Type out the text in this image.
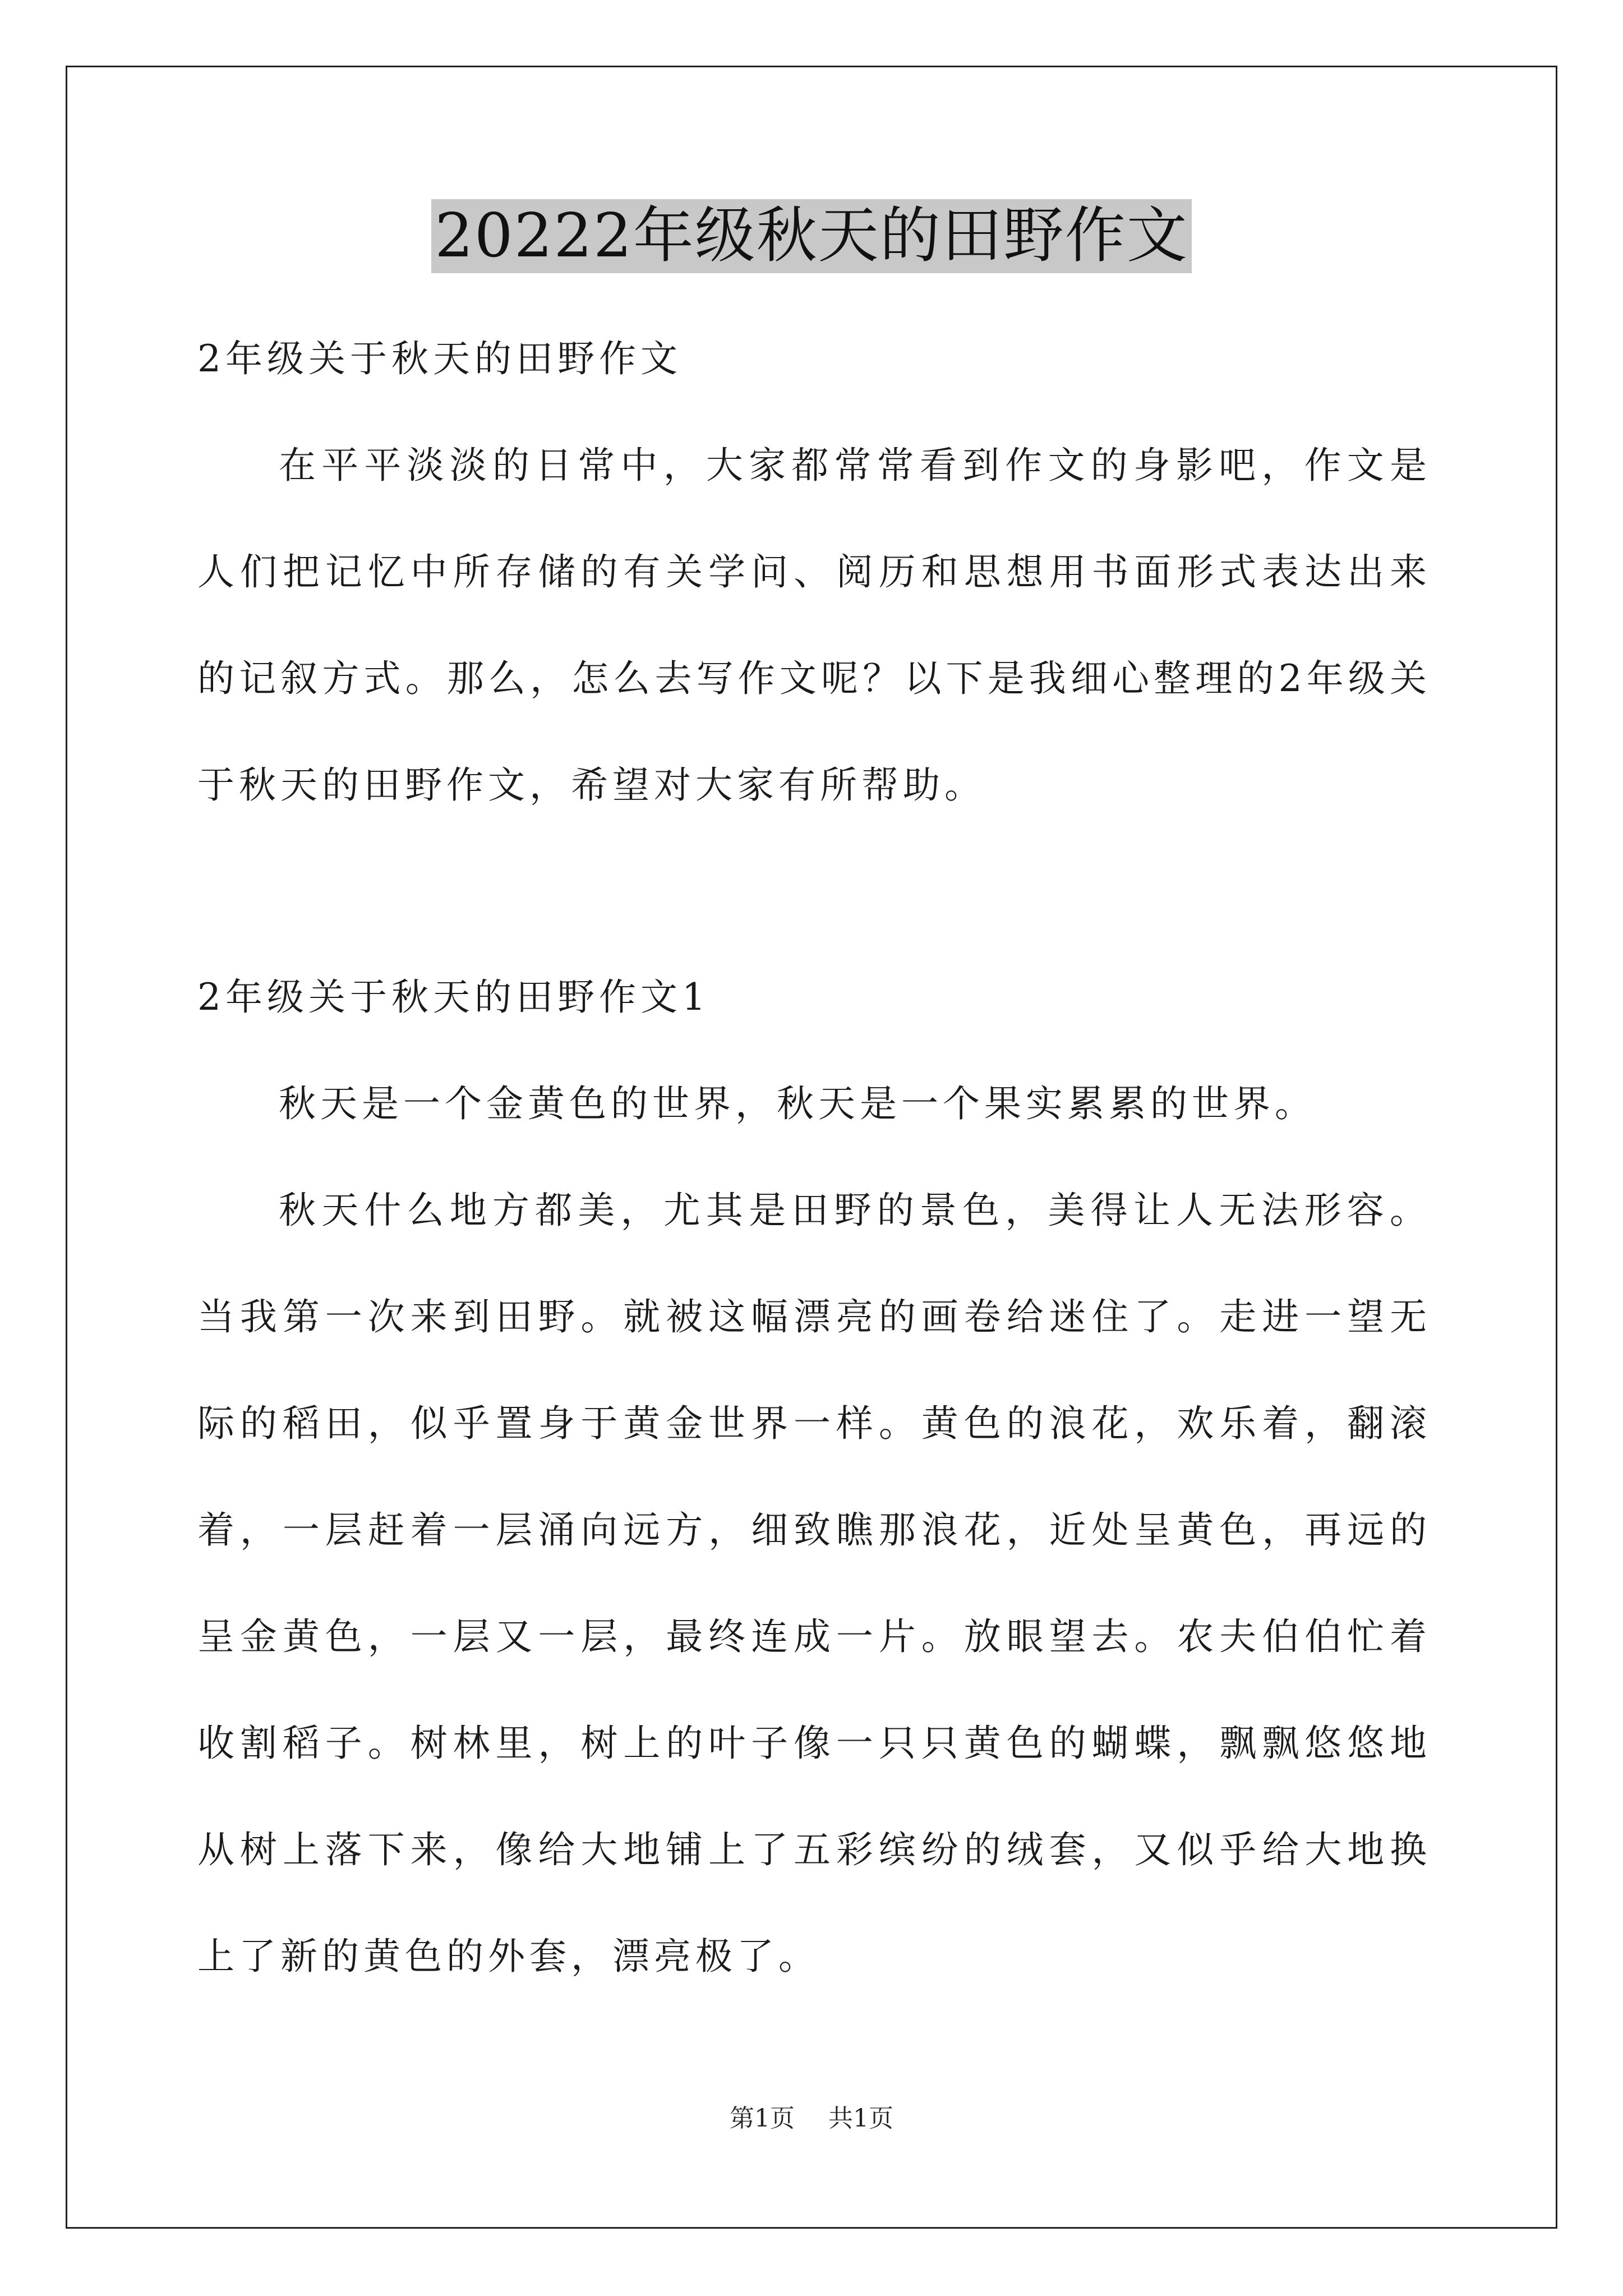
20222年级秋天的田野作文

2年级关于秋天的田野作文

在平平淡淡的日常中，大家都常常看到作文的身影吧，作文是人们把记忆中所存储的有关学问、阅历和思想用书面形式表达出来的记叙方式。那么，怎么去写作文呢？以下是我细心整理的2年级关于秋天的田野作文，希望对大家有所帮助。

2年级关于秋天的田野作文1

秋天是一个金黄色的世界，秋天是一个果实累累的世界。

秋天什么地方都美，尤其是田野的景色，美得让人无法形容。当我第一次来到田野。就被这幅漂亮的画卷给迷住了。走进一望无际的稻田，似乎置身于黄金世界一样。黄色的浪花，欢乐着，翻滚着，一层赶着一层涌向远方，细致瞧那浪花，近处呈黄色，再远的呈金黄色，一层又一层，最终连成一片。放眼望去。农夫伯伯忙着收割稻子。树林里，树上的叶子像一只只黄色的蝴蝶，飘飘悠悠地从树上落下来，像给大地铺上了五彩缤纷的绒套，又似乎给大地换上了新的黄色的外套，漂亮极了。

第1页 共1页
